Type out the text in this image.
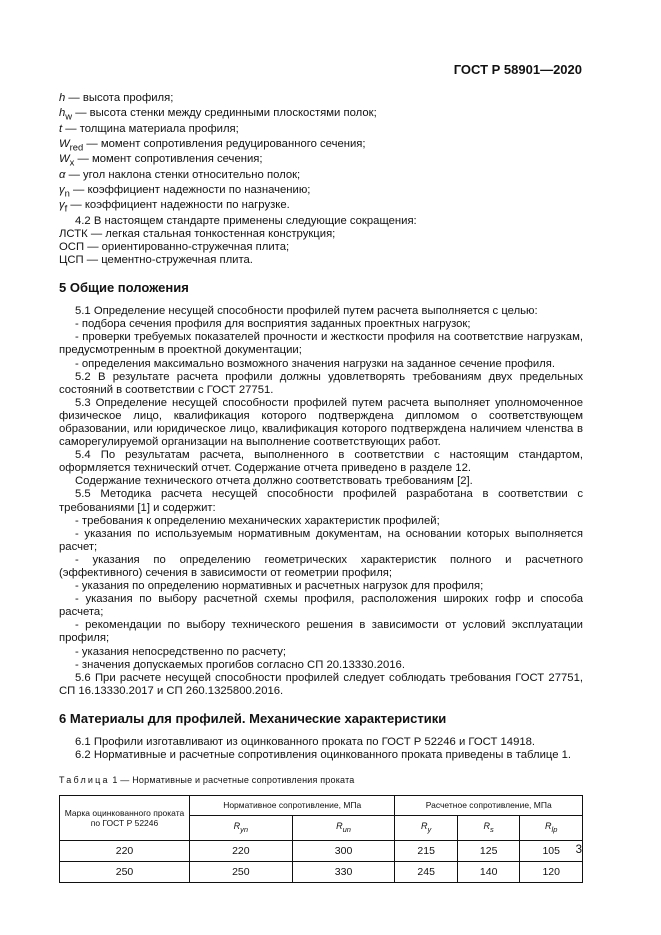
ГОСТ Р 58901—2020

h — высота профиля;

$h_w$ — высота стенки между срединными плоскостями полок;

t — толщина материала профиля;

$W_{red}$ — момент сопротивления редуцированного сечения;

$W_x$ — момент сопротивления сечения;

α — угол наклона стенки относительно полок;

$\gamma_n$ — коэффициент надежности по назначению;

$\gamma_f$ — коэффициент надежности по нагрузке.

4.2 В настоящем стандарте применены следующие сокращения:

ЛСТК — легкая стальная тонкостенная конструкция;

ОСП — ориентированно-стружечная плита;

ЦСП — цементно-стружечная плита.

5 Общие положения

5.1 Определение несущей способности профилей путем расчета выполняется с целью:

- подбора сечения профиля для восприятия заданных проектных нагрузок;

- проверки требуемых показателей прочности и жесткости профиля на соответствие нагрузкам, предусмотренным в проектной документации;

- определения максимально возможного значения нагрузки на заданное сечение профиля.

5.2 В результате расчета профили должны удовлетворять требованиям двух предельных состояний в соответствии с ГОСТ 27751.

5.3 Определение несущей способности профилей путем расчета выполняет уполномоченное физическое лицо, квалификация которого подтверждена дипломом о соответствующем образовании, или юридическое лицо, квалификация которого подтверждена наличием членства в саморегулируемой организации на выполнение соответствующих работ.

5.4 По результатам расчета, выполненного в соответствии с настоящим стандартом, оформляется технический отчет. Содержание отчета приведено в разделе 12.

Содержание технического отчета должно соответствовать требованиям [2].

5.5 Методика расчета несущей способности профилей разработана в соответствии с требованиями [1] и содержит:

- требования к определению механических характеристик профилей;

- указания по используемым нормативным документам, на основании которых выполняется расчет;

- указания по определению геометрических характеристик полного и расчетного (эффективного) сечения в зависимости от геометрии профиля;

- указания по определению нормативных и расчетных нагрузок для профиля;

- указания по выбору расчетной схемы профиля, расположения широких гофр и способа расчета;

- рекомендации по выбору технического решения в зависимости от условий эксплуатации профиля;

- указания непосредственно по расчету;

- значения допускаемых прогибов согласно СП 20.13330.2016.

5.6 При расчете несущей способности профилей следует соблюдать требования ГОСТ 27751, СП 16.13330.2017 и СП 260.1325800.2016.

6 Материалы для профилей. Механические характеристики

6.1 Профили изготавливают из оцинкованного проката по ГОСТ Р 52246 и ГОСТ 14918.

6.2 Нормативные и расчетные сопротивления оцинкованного проката приведены в таблице 1.

Таблица 1 — Нормативные и расчетные сопротивления проката

Марка оцинкованного проката по ГОСТ Р 52246	Нормативное сопротивление, МПа		Расчетное сопротивление, МПа		
	$R_{yn}$	$R_{un}$	$R_y$	$R_s$	$R_{lp}$
220	220	300	215	125	105
250	250	330	245	140	120
3
